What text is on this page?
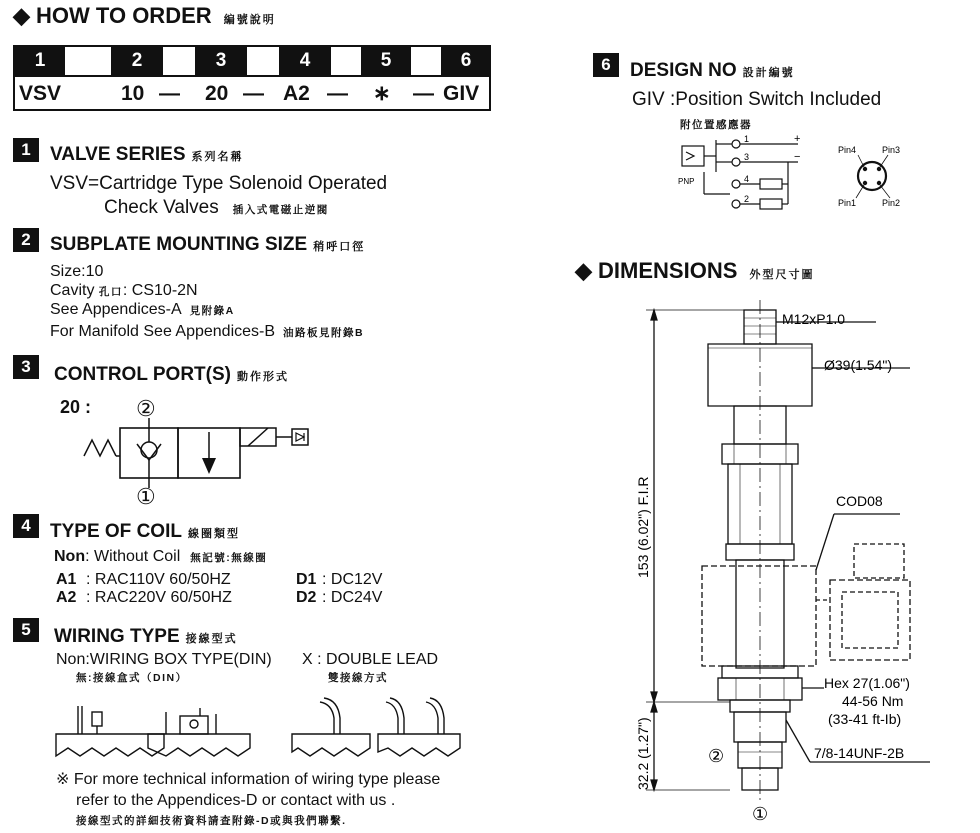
◆ HOW TO ORDER 編號說明
1	2	3	4	5	6
VSV	10 — 20 — A2 — ∗ — GIV
1	VALVE SERIES 系列名稱
VSV=Cartridge Type Solenoid Operated
Check Valves 插入式電磁止逆閥
2	SUBPLATE MOUNTING SIZE 稍呼口徑
Size:10
Cavity 孔口: CS10-2N
See Appendices-A 見附錄A
For Manifold See Appendices-B 油路板見附錄B
3	CONTROL PORT(S) 動作形式
20 : ②
①
4	TYPE OF COIL 線圈類型
Non: Without Coil 無記號:無線圈
A1 : RAC110V 60/50HZ
A2 : RAC220V 60/50HZ
D1 : DC12V
D2 : DC24V
5	WIRING TYPE 接線型式
Non:WIRING BOX TYPE(DIN)
無:接線盒式（DIN）
X : DOUBLE LEAD
雙接線方式
※ For more technical information of wiring type please
refer to the Appendices-D or contact with us .
接線型式的詳細技術資料請查附錄-D或與我們聯繫.
6	DESIGN NO 設計編號
GIV :Position Switch Included
附位置感應器
1
3
4
2
+
−
PNP
Pin4	Pin3
Pin1	Pin2
◆ DIMENSIONS 外型尺寸圖
M12xP1.0
Ø39(1.54")
COD08
Hex 27(1.06")
44-56 Nm
(33-41 ft-Ib)
7/8-14UNF-2B
②
①
153 (6.02") F.I.R
32.2 (1.27")
